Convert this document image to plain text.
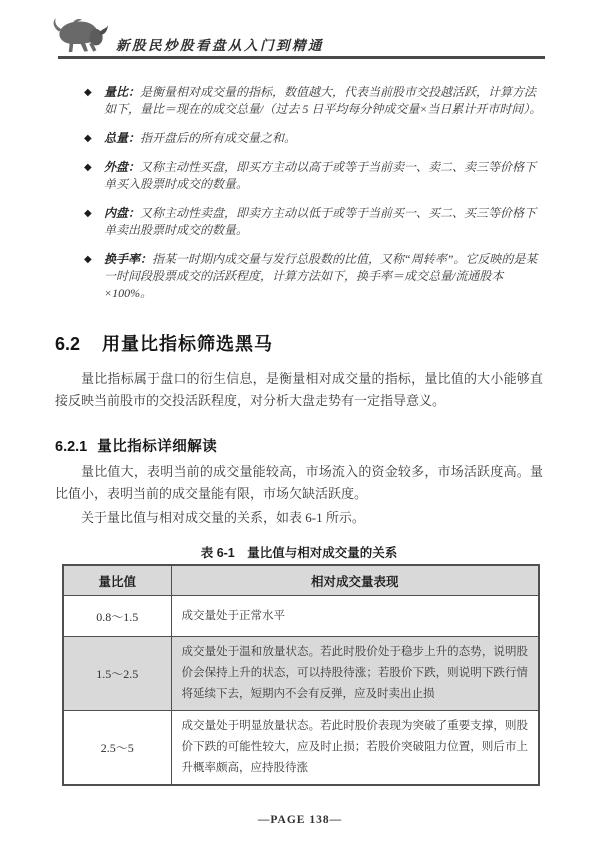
新股民炒股看盘从入门到精通
◆	量比：是衡量相对成交量的指标，数值越大，代表当前股市交投越活跃，计算方法如下，量比＝现在的成交总量/（过去 5 日平均每分钟成交量×当日累计开市时间）。
◆	总量：指开盘后的所有成交量之和。
◆	外盘：又称主动性买盘，即买方主动以高于或等于当前卖一、卖二、卖三等价格下单买入股票时成交的数量。
◆	内盘：又称主动性卖盘，即卖方主动以低于或等于当前买一、买二、买三等价格下单卖出股票时成交的数量。
◆	换手率：指某一时期内成交量与发行总股数的比值，又称“周转率”。它反映的是某一时间段股票成交的活跃程度，计算方法如下，换手率＝成交总量/流通股本×100%。
6.2 用量比指标筛选黑马

量比指标属于盘口的衍生信息，是衡量相对成交量的指标，量比值的大小能够直接反映当前股市的交投活跃程度，对分析大盘走势有一定指导意义。

6.2.1 量比指标详细解读

量比值大，表明当前的成交量能较高，市场流入的资金较多，市场活跃度高。量比值小，表明当前的成交量能有限，市场欠缺活跃度。

关于量比值与相对成交量的关系，如表 6-1 所示。

表 6-1　量比值与相对成交量的关系
量比值	相对成交量表现
0.8～1.5	成交量处于正常水平
1.5～2.5	成交量处于温和放量状态。若此时股价处于稳步上升的态势，说明股价会保持上升的状态，可以持股待涨；若股价下跌，则说明下跌行情将延续下去，短期内不会有反弹，应及时卖出止损
2.5～5	成交量处于明显放量状态。若此时股价表现为突破了重要支撑，则股价下跌的可能性较大，应及时止损；若股价突破阻力位置，则后市上升概率颇高，应持股待涨
—PAGE 138—
